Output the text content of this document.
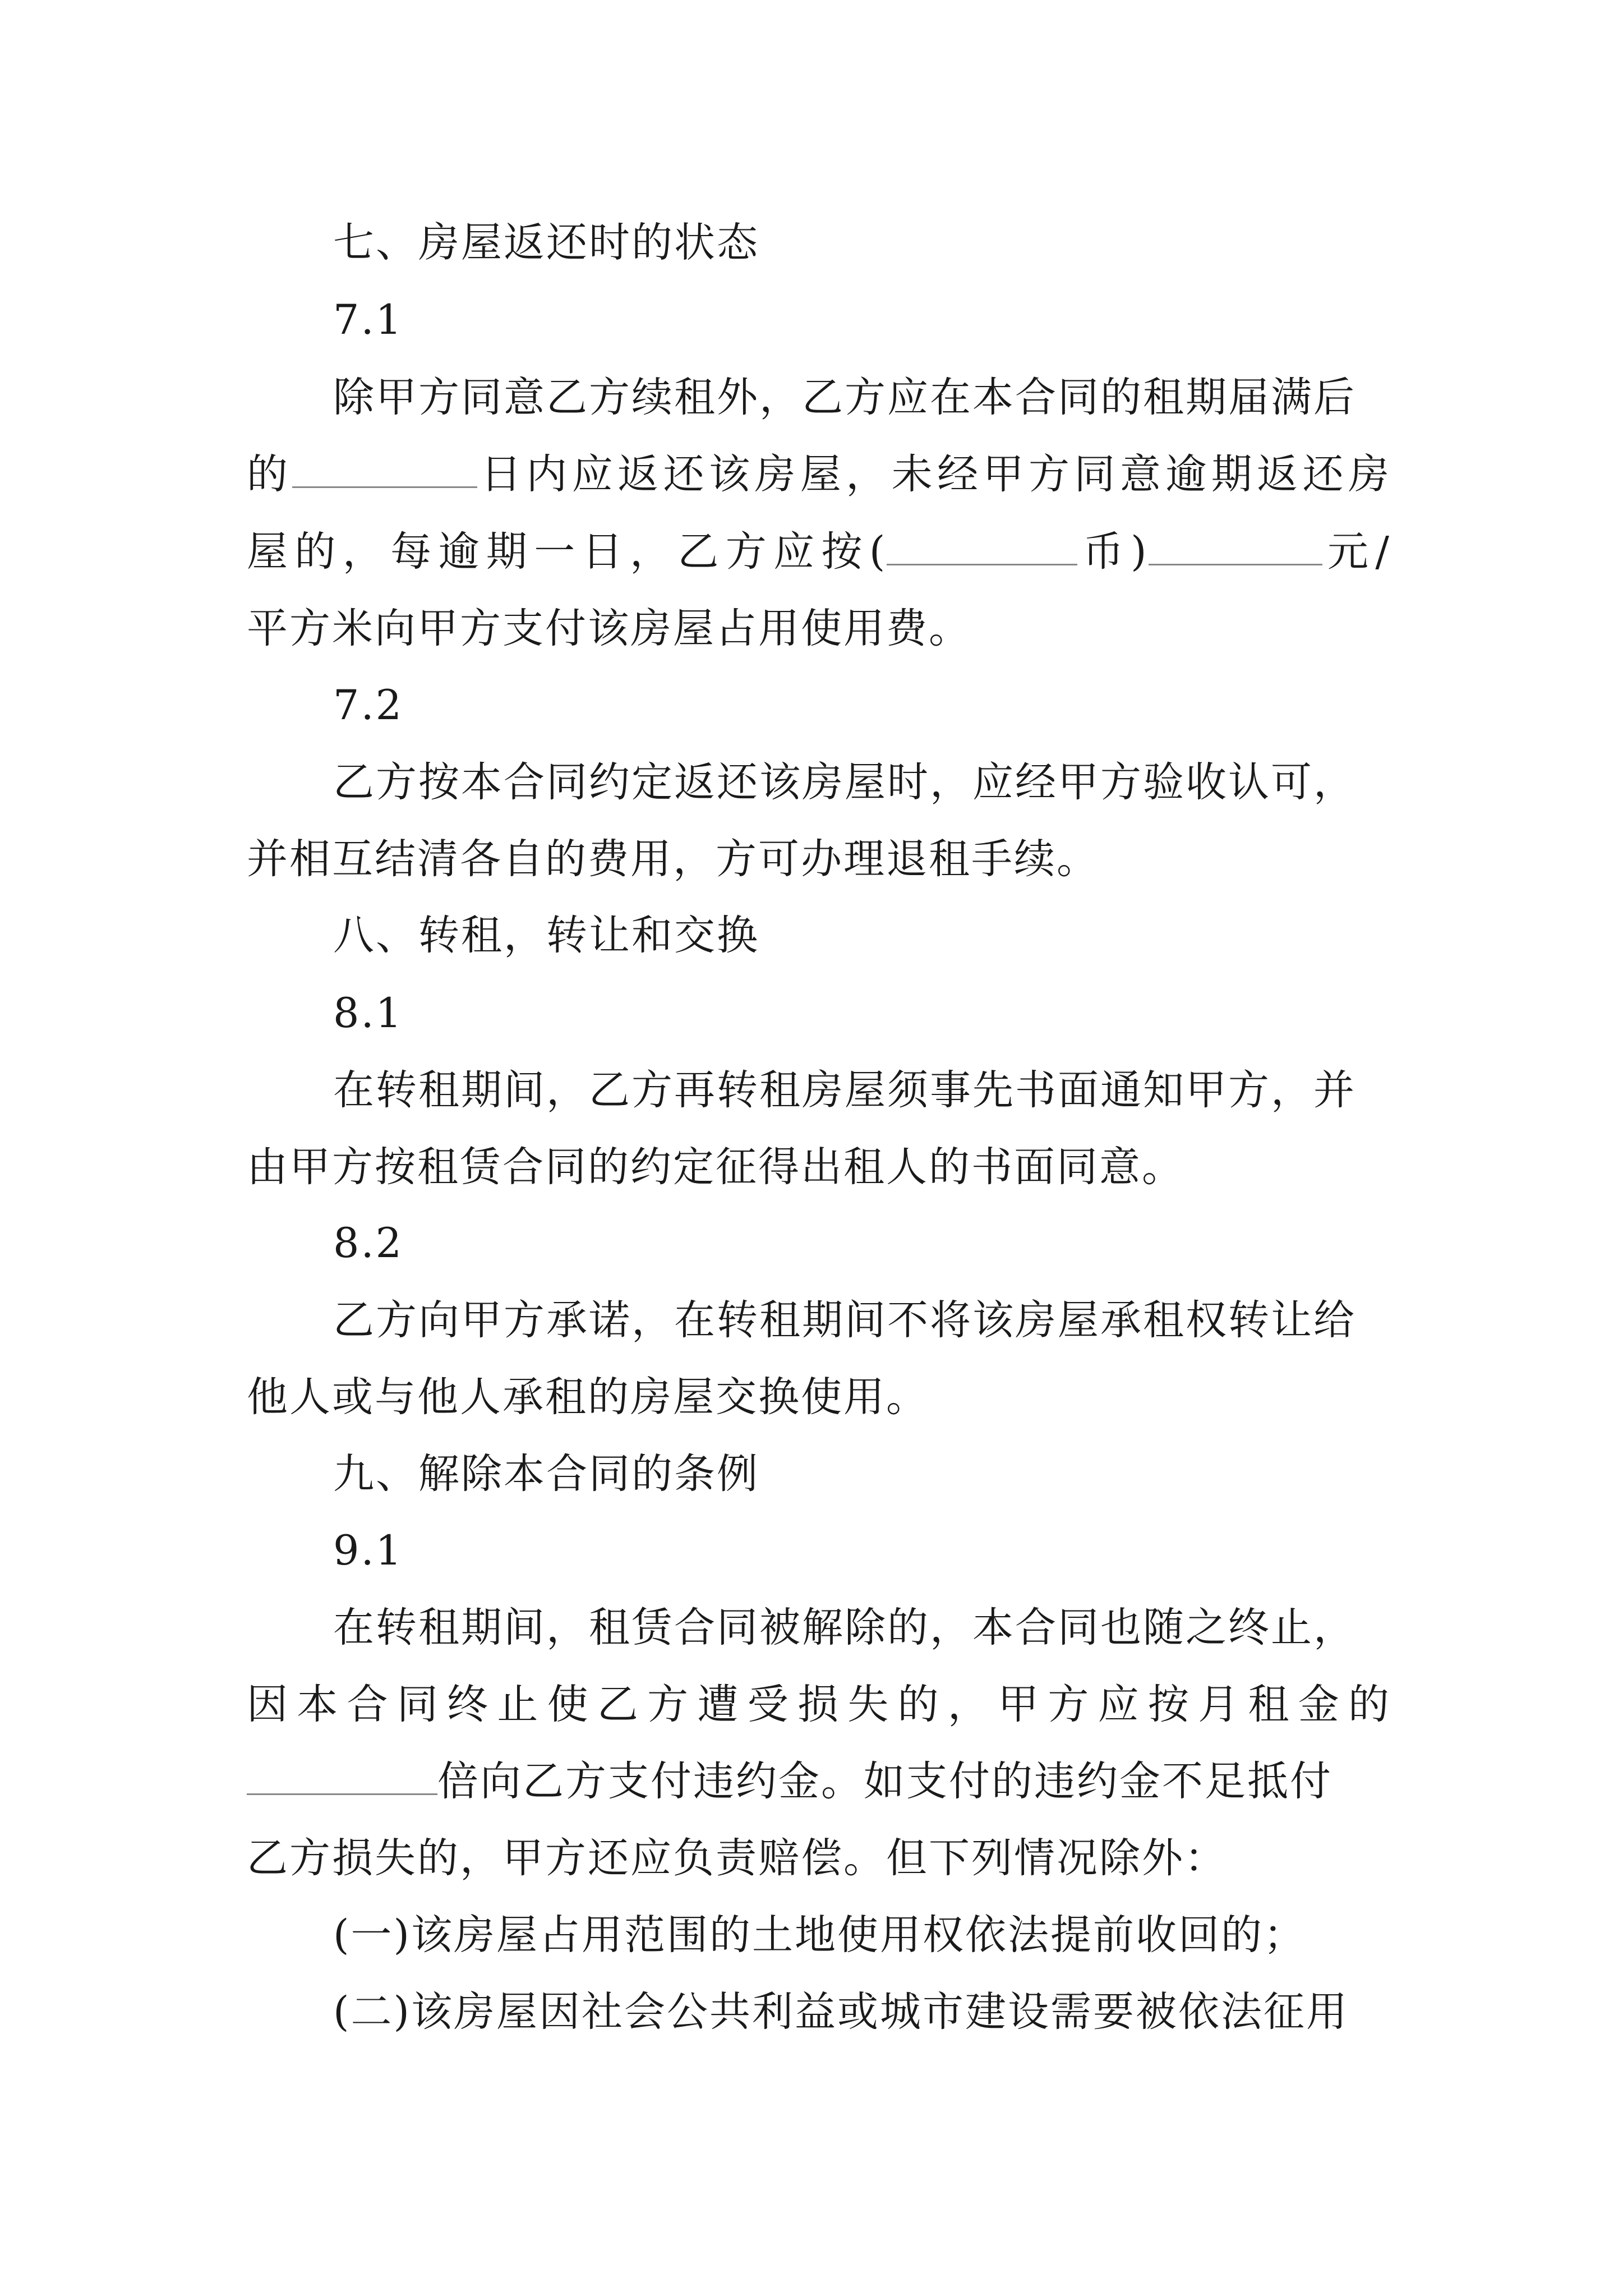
七、房屋返还时的状态
7.1
除甲方同意乙方续租外，乙方应在本合同的租期届满后
的	日内应返还该房屋，未经甲方同意逾期返还房
屋的，每逾期一日，乙方应按(	币)	元/
平方米向甲方支付该房屋占用使用费。
7.2
乙方按本合同约定返还该房屋时，应经甲方验收认可，
并相互结清各自的费用，方可办理退租手续。
八、转租，转让和交换
8.1
在转租期间，乙方再转租房屋须事先书面通知甲方，并
由甲方按租赁合同的约定征得出租人的书面同意。
8.2
乙方向甲方承诺，在转租期间不将该房屋承租权转让给
他人或与他人承租的房屋交换使用。
九、解除本合同的条例
9.1
在转租期间，租赁合同被解除的，本合同也随之终止，
因本合同终止使乙方遭受损失的，甲方应按月租金的
倍向乙方支付违约金。如支付的违约金不足抵付
乙方损失的，甲方还应负责赔偿。但下列情况除外：
(一)该房屋占用范围的土地使用权依法提前收回的；
(二)该房屋因社会公共利益或城市建设需要被依法征用
